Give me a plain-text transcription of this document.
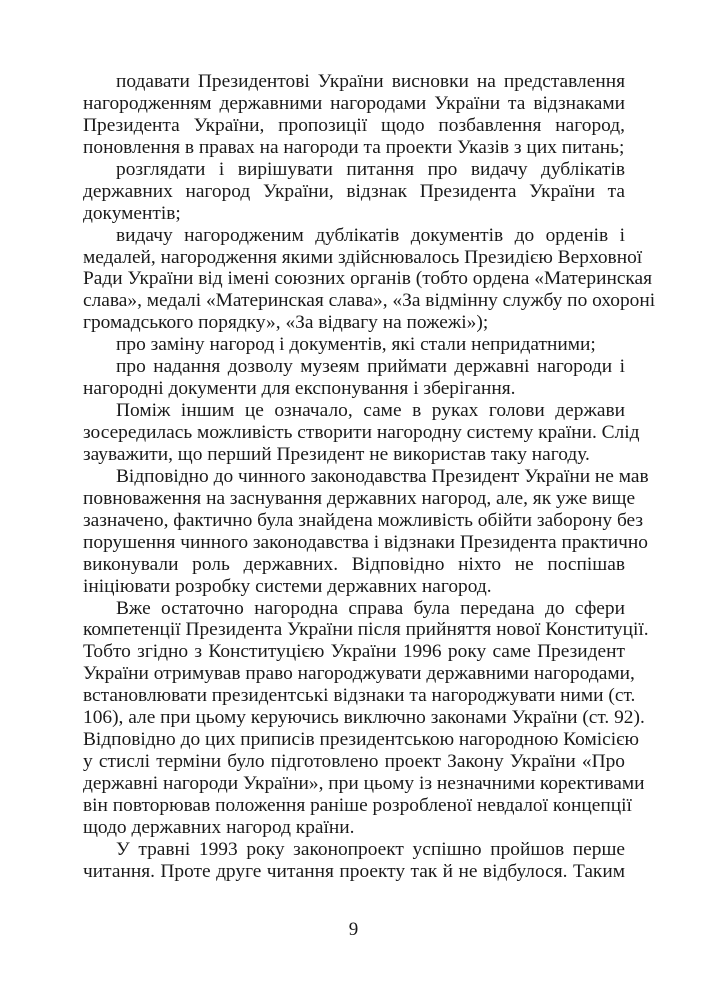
подавати Президентові України висновки на представлення
нагородженням державними нагородами України та відзнаками
Президента України, пропозиції щодо позбавлення нагород,
поновлення в правах на нагороди та проекти Указів з цих питань;
розглядати і вирішувати питання про видачу дублікатів
державних нагород України, відзнак Президента України та
документів;
видачу нагородженим дублікатів документів до орденів і
медалей, нагородження якими здійснювалось Президією Верховної
Ради України від імені союзних органів (тобто ордена «Материнская
слава», медалі «Материнская слава», «За відмінну службу по охороні
громадського порядку», «За відвагу на пожежі»);
про заміну нагород і документів, які стали непридатними;
про надання дозволу музеям приймати державні нагороди і
нагородні документи для експонування і зберігання.
Поміж іншим це означало, саме в руках голови держави
зосередилась можливість створити нагородну систему країни. Слід
зауважити, що перший Президент не використав таку нагоду.
Відповідно до чинного законодавства Президент України не мав
повноваження на заснування державних нагород, але, як уже вище
зазначено, фактично була знайдена можливість обійти заборону без
порушення чинного законодавства і відзнаки Президента практично
виконували роль державних. Відповідно ніхто не поспішав
ініціювати розробку системи державних нагород.
Вже остаточно нагородна справа була передана до сфери
компетенції Президента України після прийняття нової Конституції.
Тобто згідно з Конституцією України 1996 року саме Президент
України отримував право нагороджувати державними нагородами,
встановлювати президентські відзнаки та нагороджувати ними (ст.
106), але при цьому керуючись виключно законами України (ст. 92).
Відповідно до цих приписів президентською нагородною Комісією
у стислі терміни було підготовлено проект Закону України «Про
державні нагороди України», при цьому із незначними корективами
він повторював положення раніше розробленої невдалої концепції
щодо державних нагород країни.
У травні 1993 року законопроект успішно пройшов перше
читання. Проте друге читання проекту так й не відбулося. Таким
9
